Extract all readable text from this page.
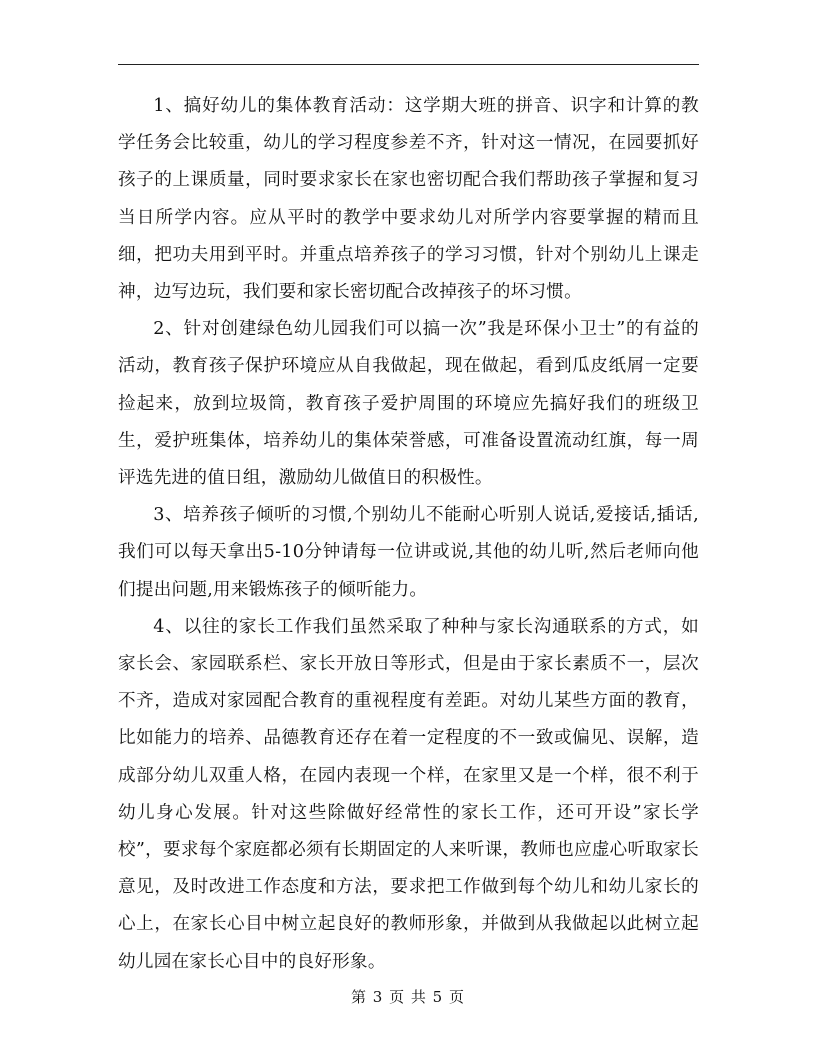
1、搞好幼儿的集体教育活动：这学期大班的拼音、识字和计算的教学任务会比较重，幼儿的学习程度参差不齐，针对这一情况，在园要抓好孩子的上课质量，同时要求家长在家也密切配合我们帮助孩子掌握和复习当日所学内容。应从平时的教学中要求幼儿对所学内容要掌握的精而且细，把功夫用到平时。并重点培养孩子的学习习惯，针对个别幼儿上课走神，边写边玩，我们要和家长密切配合改掉孩子的坏习惯。

2、针对创建绿色幼儿园我们可以搞一次”我是环保小卫士”的有益的活动，教育孩子保护环境应从自我做起，现在做起，看到瓜皮纸屑一定要捡起来，放到垃圾筒，教育孩子爱护周围的环境应先搞好我们的班级卫生，爱护班集体，培养幼儿的集体荣誉感，可准备设置流动红旗，每一周评选先进的值日组，激励幼儿做值日的积极性。

3、培养孩子倾听的习惯,个别幼儿不能耐心听别人说话,爱接话,插话,我们可以每天拿出5-10分钟请每一位讲或说,其他的幼儿听,然后老师向他们提出问题,用来锻炼孩子的倾听能力。

4、以往的家长工作我们虽然采取了种种与家长沟通联系的方式，如家长会、家园联系栏、家长开放日等形式，但是由于家长素质不一，层次不齐，造成对家园配合教育的重视程度有差距。对幼儿某些方面的教育，比如能力的培养、品德教育还存在着一定程度的不一致或偏见、误解，造成部分幼儿双重人格，在园内表现一个样，在家里又是一个样，很不利于幼儿身心发展。针对这些除做好经常性的家长工作，还可开设”家长学校”，要求每个家庭都必须有长期固定的人来听课，教师也应虚心听取家长意见，及时改进工作态度和方法，要求把工作做到每个幼儿和幼儿家长的心上，在家长心目中树立起良好的教师形象，并做到从我做起以此树立起幼儿园在家长心目中的良好形象。

第 3 页 共 5 页
